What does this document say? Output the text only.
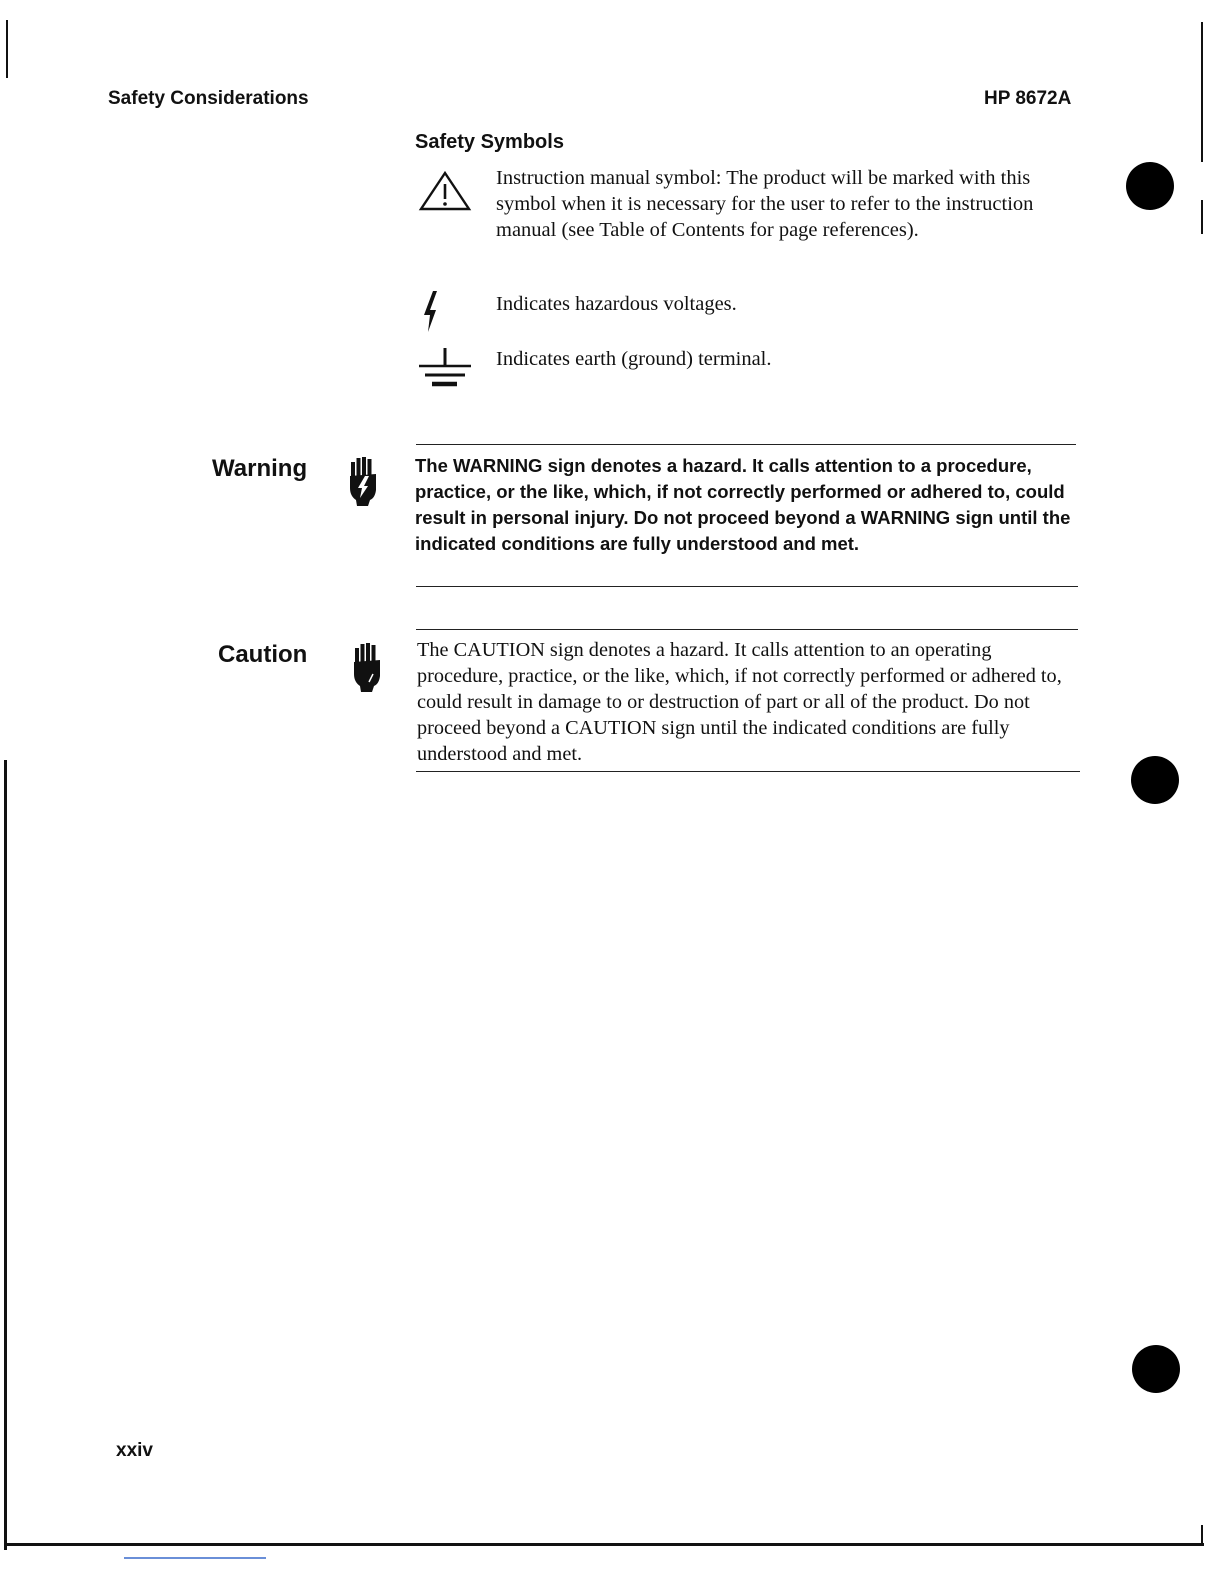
Safety Considerations	HP 8672A
Safety Symbols
Instruction manual symbol: The product will be marked with this symbol when it is necessary for the user to refer to the instruction manual (see Table of Contents for page references).
Indicates hazardous voltages.
Indicates earth (ground) terminal.
Warning	The WARNING sign denotes a hazard. It calls attention to a procedure, practice, or the like, which, if not correctly performed or adhered to, could result in personal injury. Do not proceed beyond a WARNING sign until the indicated conditions are fully understood and met.
Caution	The CAUTION sign denotes a hazard. It calls attention to an operating procedure, practice, or the like, which, if not correctly performed or adhered to, could result in damage to or destruction of part or all of the product. Do not proceed beyond a CAUTION sign until the indicated conditions are fully understood and met.
xxiv
